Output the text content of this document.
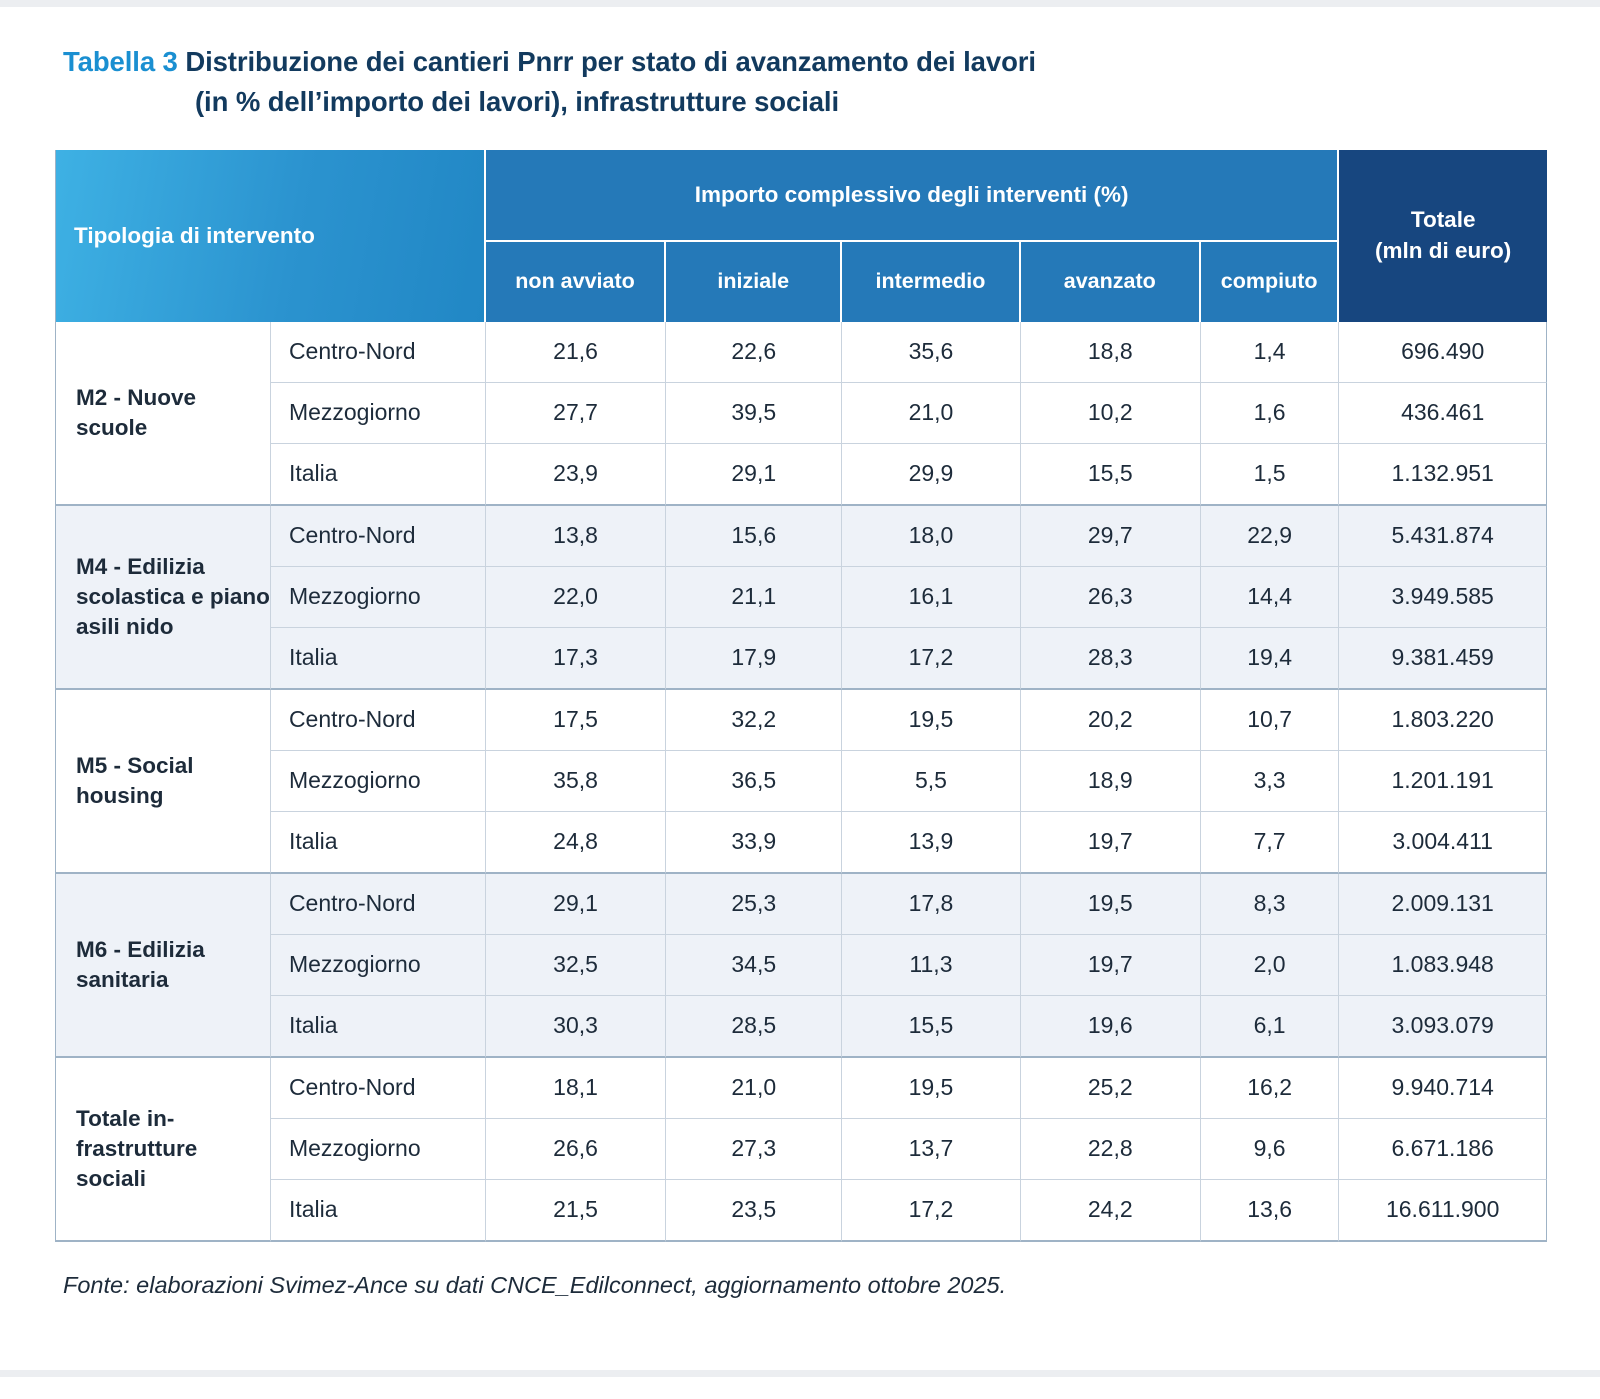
Tabella 3 Distribuzione dei cantieri Pnrr per stato di avanzamento dei lavori
(in % dell’importo dei lavori), infrastrutture sociali
Tipologia di intervento		Importo complessivo degli interventi (%)					Totale
(mln di euro)

		non avviato	iniziale	intermedio	avanzato	compiuto	
M2 - Nuove scuole	Centro-Nord	21,6	22,6	35,6	18,8	1,4	696.490
	Mezzogiorno	27,7	39,5	21,0	10,2	1,6	436.461
	Italia	23,9	29,1	29,9	15,5	1,5	1.132.951
M4 - Edilizia scolastica e piano asili nido	Centro-Nord	13,8	15,6	18,0	29,7	22,9	5.431.874
	Mezzogiorno	22,0	21,1	16,1	26,3	14,4	3.949.585
	Italia	17,3	17,9	17,2	28,3	19,4	9.381.459
M5 - Social housing	Centro-Nord	17,5	32,2	19,5	20,2	10,7	1.803.220
	Mezzogiorno	35,8	36,5	5,5	18,9	3,3	1.201.191
	Italia	24,8	33,9	13,9	19,7	7,7	3.004.411
M6 - Edilizia sanitaria	Centro-Nord	29,1	25,3	17,8	19,5	8,3	2.009.131
	Mezzogiorno	32,5	34,5	11,3	19,7	2,0	1.083.948
	Italia	30,3	28,5	15,5	19,6	6,1	3.093.079
Totale in-frastrutture sociali	Centro-Nord	18,1	21,0	19,5	25,2	16,2	9.940.714
	Mezzogiorno	26,6	27,3	13,7	22,8	9,6	6.671.186
	Italia	21,5	23,5	17,2	24,2	13,6	16.611.900
Fonte: elaborazioni Svimez-Ance su dati CNCE_Edilconnect, aggiornamento ottobre 2025.
